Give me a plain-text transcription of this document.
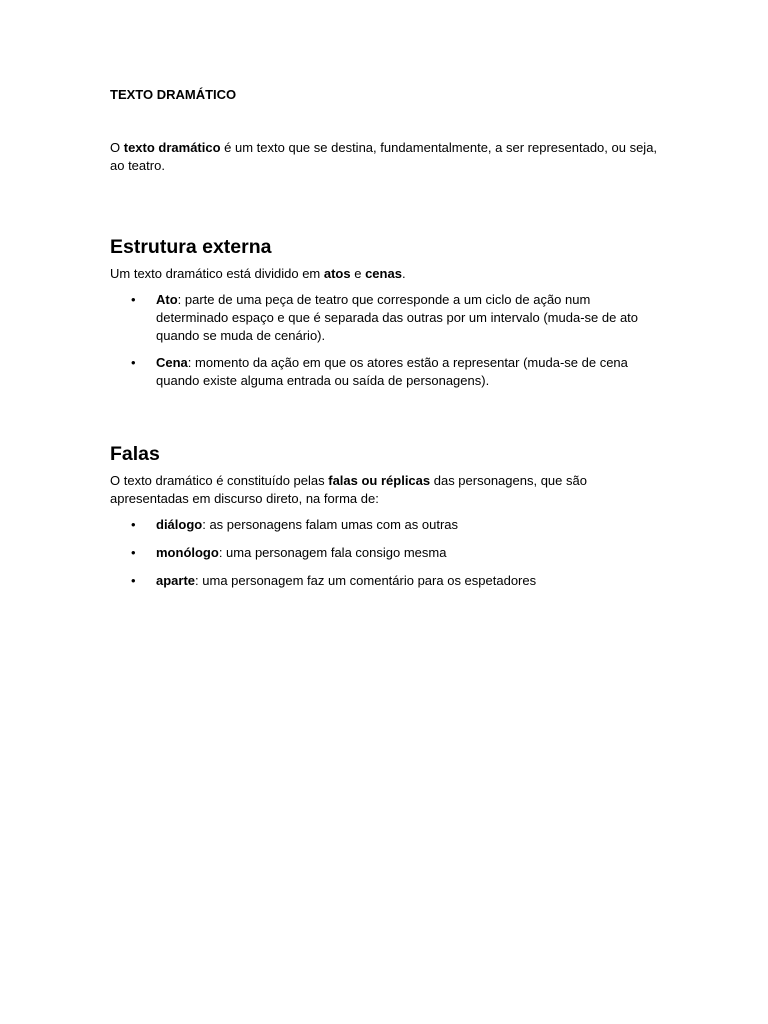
TEXTO DRAMÁTICO

O texto dramático é um texto que se destina, fundamentalmente, a ser representado, ou seja, ao teatro.

Estrutura externa

Um texto dramático está dividido em atos e cenas.

• Ato: parte de uma peça de teatro que corresponde a um ciclo de ação num determinado espaço e que é separada das outras por um intervalo (muda-se de ato quando se muda de cenário).
• Cena: momento da ação em que os atores estão a representar (muda-se de cena quando existe alguma entrada ou saída de personagens).
Falas

O texto dramático é constituído pelas falas ou réplicas das personagens, que são apresentadas em discurso direto, na forma de:

• diálogo: as personagens falam umas com as outras
• monólogo: uma personagem fala consigo mesma
• aparte: uma personagem faz um comentário para os espetadores
